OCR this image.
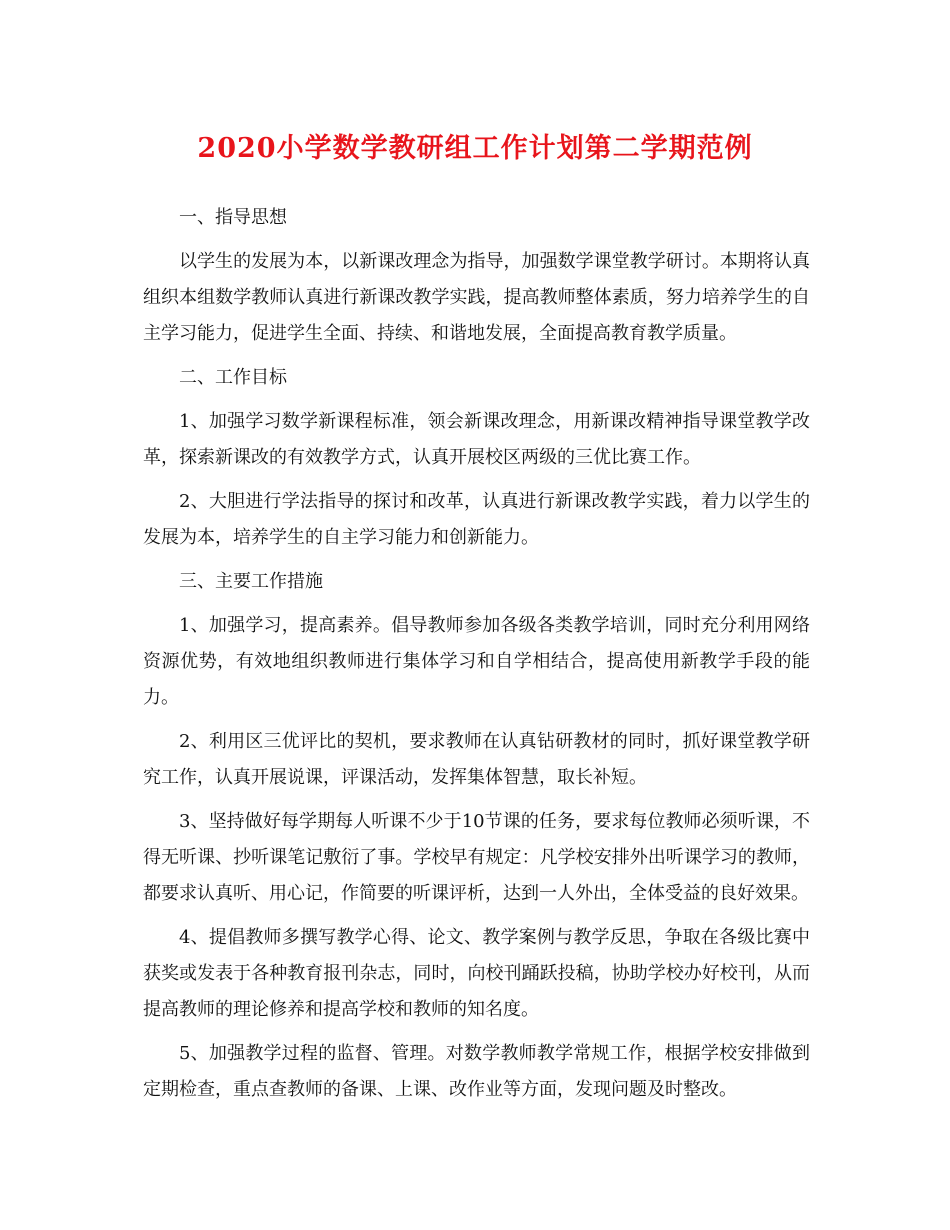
2020小学数学教研组工作计划第二学期范例

一、指导思想

以学生的发展为本，以新课改理念为指导，加强数学课堂教学研讨。本期将认真组织本组数学教师认真进行新课改教学实践，提高教师整体素质，努力培养学生的自主学习能力，促进学生全面、持续、和谐地发展，全面提高教育教学质量。

二、工作目标

1、加强学习数学新课程标准，领会新课改理念，用新课改精神指导课堂教学改革，探索新课改的有效教学方式，认真开展校区两级的三优比赛工作。

2、大胆进行学法指导的探讨和改革，认真进行新课改教学实践，着力以学生的发展为本，培养学生的自主学习能力和创新能力。

三、主要工作措施

1、加强学习，提高素养。倡导教师参加各级各类教学培训，同时充分利用网络资源优势，有效地组织教师进行集体学习和自学相结合，提高使用新教学手段的能力。

2、利用区三优评比的契机，要求教师在认真钻研教材的同时，抓好课堂教学研究工作，认真开展说课，评课活动，发挥集体智慧，取长补短。

3、坚持做好每学期每人听课不少于10节课的任务，要求每位教师必须听课，不得无听课、抄听课笔记敷衍了事。学校早有规定：凡学校安排外出听课学习的教师，都要求认真听、用心记，作简要的听课评析，达到一人外出，全体受益的良好效果。

4、提倡教师多撰写教学心得、论文、教学案例与教学反思，争取在各级比赛中获奖或发表于各种教育报刊杂志，同时，向校刊踊跃投稿，协助学校办好校刊，从而提高教师的理论修养和提高学校和教师的知名度。

5、加强教学过程的监督、管理。对数学教师教学常规工作，根据学校安排做到定期检查，重点查教师的备课、上课、改作业等方面，发现问题及时整改。
